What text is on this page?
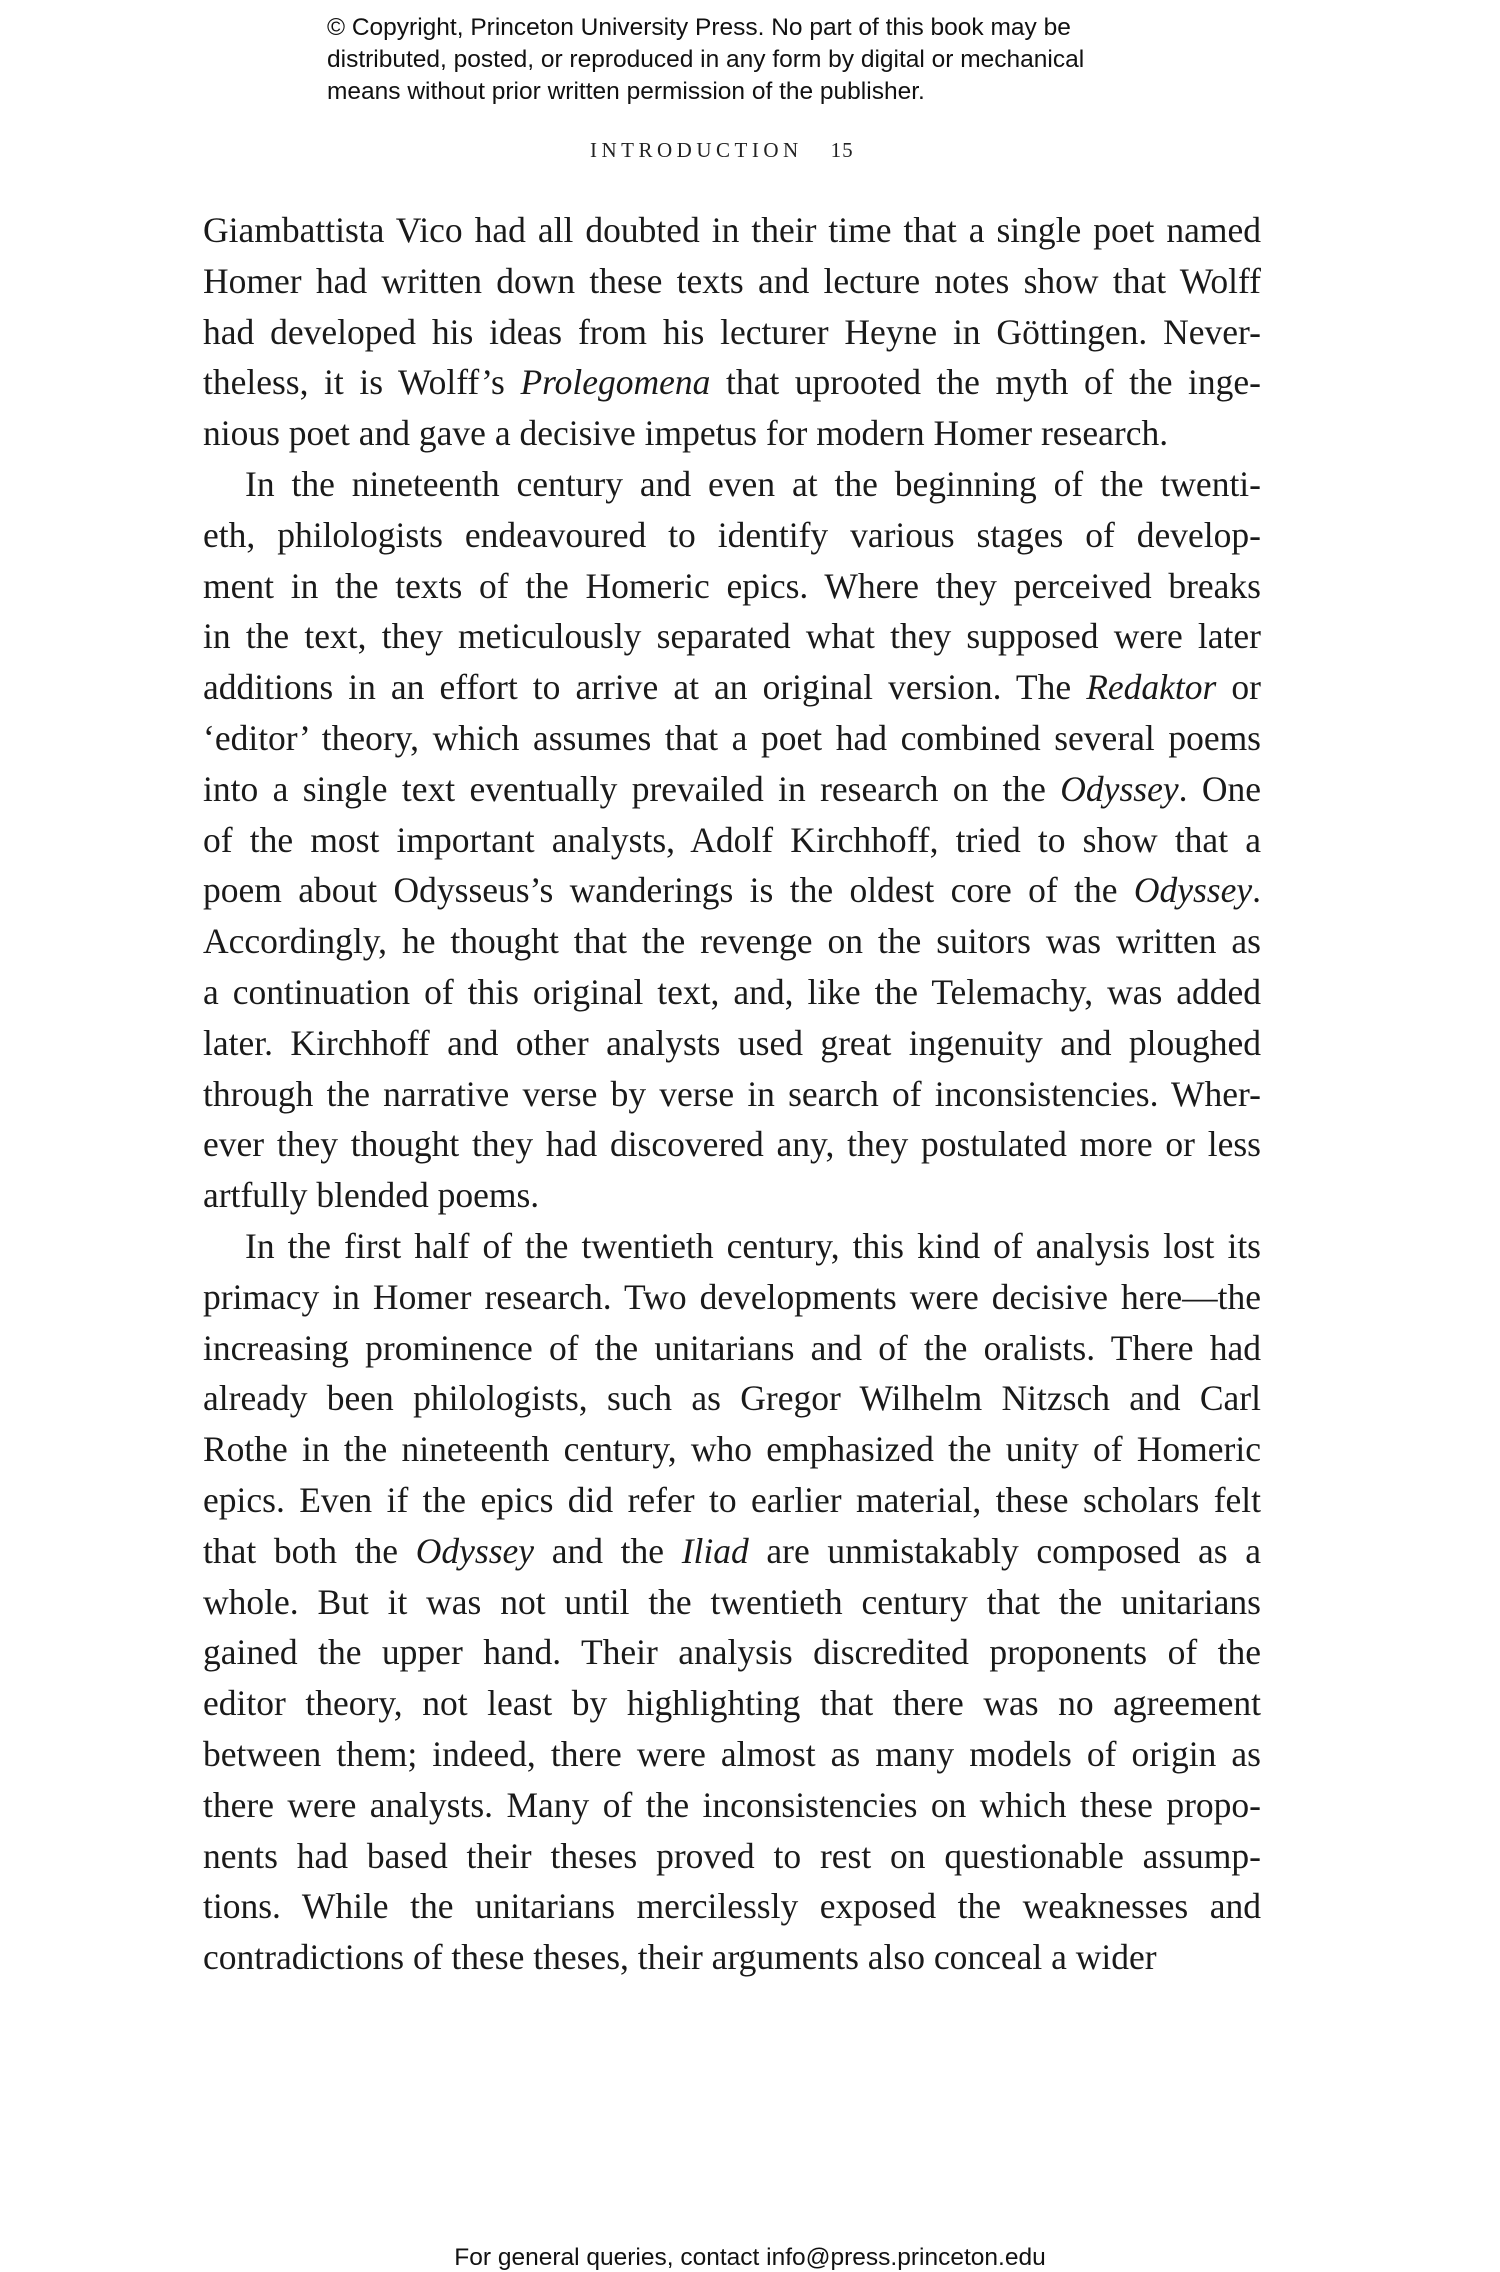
© Copyright, Princeton University Press. No part of this book may be
distributed, posted, or reproduced in any form by digital or mechanical
means without prior written permission of the publisher.
INTRODUCTION 15
Giambattista Vico had all doubted in their time that a single poet named
Homer had written down these texts and lecture notes show that Wolff
had developed his ideas from his lecturer Heyne in Göttingen. Never-
theless, it is Wolff’s Prolegomena that uprooted the myth of the inge-
nious poet and gave a decisive impetus for modern Homer research.
In the nineteenth century and even at the beginning of the twenti-
eth, philologists endeavoured to identify various stages of develop-
ment in the texts of the Homeric epics. Where they perceived breaks
in the text, they meticulously separated what they supposed were later
additions in an effort to arrive at an original version. The Redaktor or
‘editor’ theory, which assumes that a poet had combined several poems
into a single text eventually prevailed in research on the Odyssey. One
of the most important analysts, Adolf Kirchhoff, tried to show that a
poem about Odysseus’s wanderings is the oldest core of the Odyssey.
Accordingly, he thought that the revenge on the suitors was written as
a continuation of this original text, and, like the Telemachy, was added
later. Kirchhoff and other analysts used great ingenuity and ploughed
through the narrative verse by verse in search of inconsistencies. Wher-
ever they thought they had discovered any, they postulated more or less
artfully blended poems.
In the first half of the twentieth century, this kind of analysis lost its
primacy in Homer research. Two developments were decisive here—the
increasing prominence of the unitarians and of the oralists. There had
already been philologists, such as Gregor Wilhelm Nitzsch and Carl
Rothe in the nineteenth century, who emphasized the unity of Homeric
epics. Even if the epics did refer to earlier material, these scholars felt
that both the Odyssey and the Iliad are unmistakably composed as a
whole. But it was not until the twentieth century that the unitarians
gained the upper hand. Their analysis discredited proponents of the
editor theory, not least by highlighting that there was no agreement
between them; indeed, there were almost as many models of origin as
there were analysts. Many of the inconsistencies on which these propo-
nents had based their theses proved to rest on questionable assump-
tions. While the unitarians mercilessly exposed the weaknesses and
contradictions of these theses, their arguments also conceal a wider
For general queries, contact info@press.princeton.edu
